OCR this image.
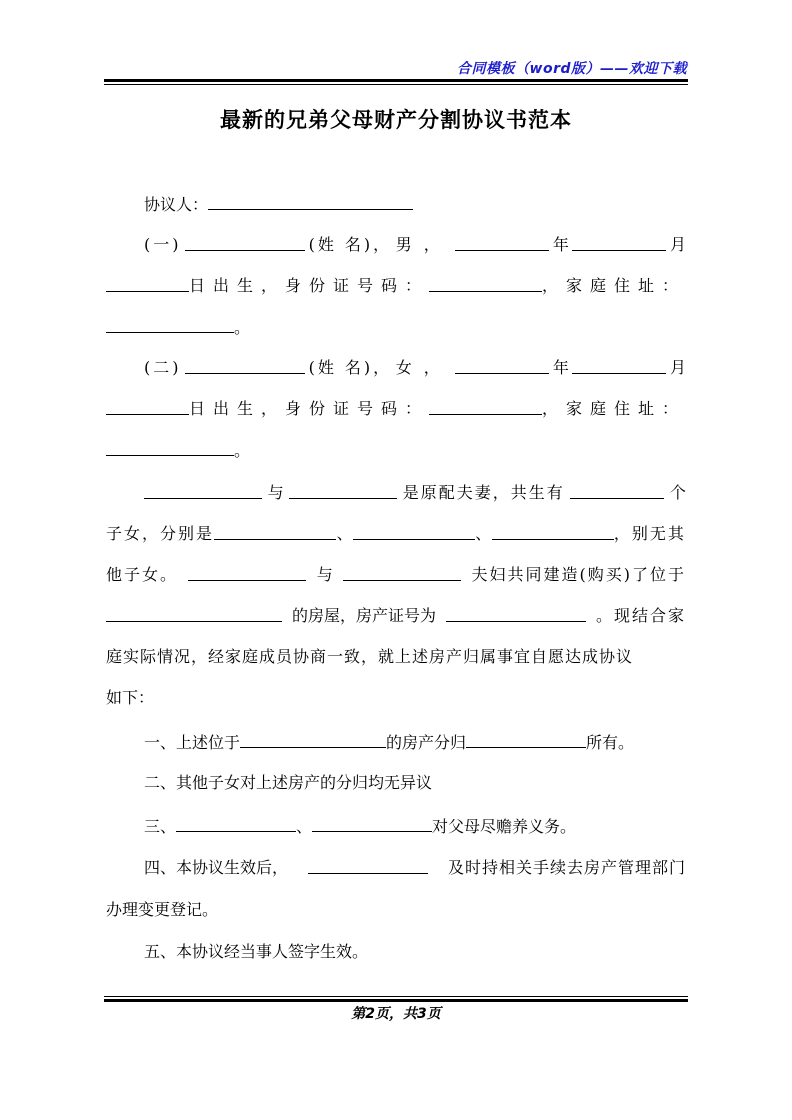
合同模板（word版）——欢迎下载
最新的兄弟父母财产分割协议书范本
协议人：
(一)	(姓 名)， 男，	年	月
日出生，身份证号码：	，家庭住址：
。
(二)	(姓 名)， 女，	年	月
日出生，身份证号码：	，家庭住址：
。
与	是原配夫妻，共生有	个
子女，分别是	、	、	，别无其
他子女。	与	夫妇共同建造(购买)了位于
的房屋，房产证号为	。现结合家
庭实际情况，经家庭成员协商一致，就上述房产归属事宜自愿达成协议
如下：
一、上述位于	的房产分归	所有。
二、其他子女对上述房产的分归均无异议
三、	、	对父母尽赡养义务。
四、本协议生效后，	及时持相关手续去房产管理部门
办理变更登记。
五、本协议经当事人签字生效。
第2页，共3页
